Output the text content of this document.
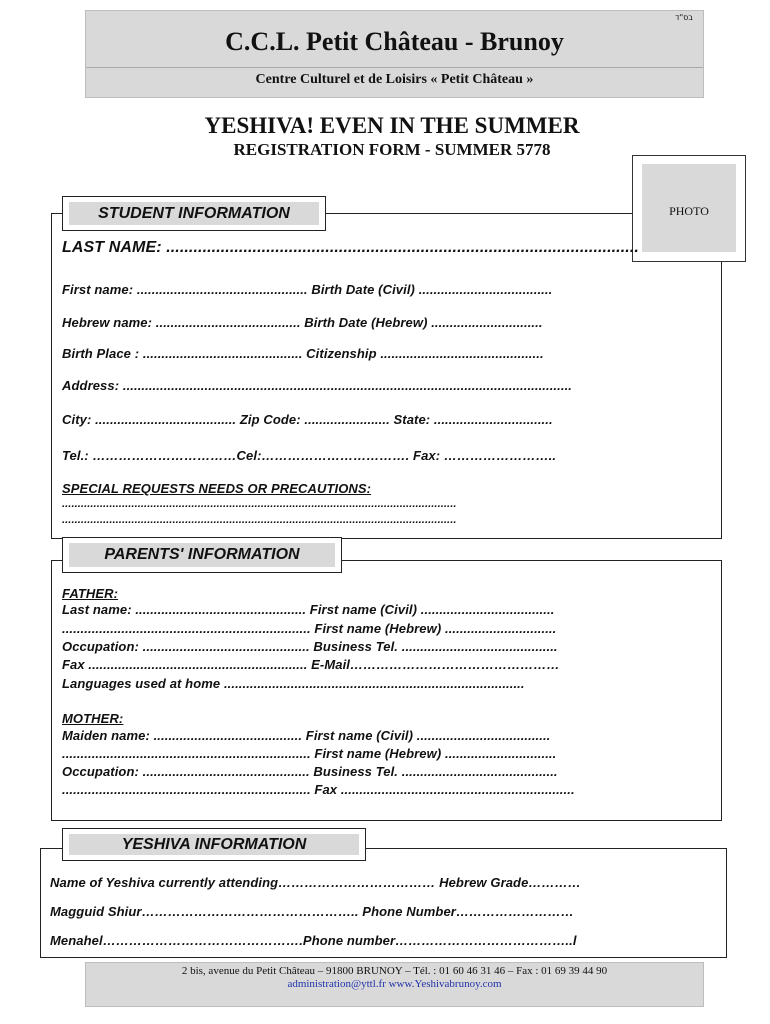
בס"ד
C.C.L. Petit Château - Brunoy
Centre Culturel et de Loisirs « Petit Château »
YESHIVA! EVEN IN THE SUMMER
REGISTRATION FORM - SUMMER 5778
STUDENT INFORMATION	PHOTO
LAST NAME: ........................................................................................................
First name: .............................................. Birth Date (Civil) ....................................
Hebrew name: ....................................... Birth Date (Hebrew) ..............................
Birth Place : ........................................... Citizenship ............................................
Address: .........................................................................................................................
City: ...................................... Zip Code: ....................... State: ................................
Tel.: ……………………………Cel:……………………………. Fax: ……………………..
SPECIAL REQUESTS NEEDS OR PRECAUTIONS:
.............................................................................................................................
.............................................................................................................................
PARENTS' INFORMATION
FATHER:
Last name: .............................................. First name (Civil) ....................................
................................................................... First name (Hebrew) ..............................
Occupation: ............................................. Business Tel. ..........................................
Fax ........................................................... E-Mail…………………………………………
Languages used at home .................................................................................
MOTHER:
Maiden name: ........................................ First name (Civil) ....................................
................................................................... First name (Hebrew) ..............................
Occupation: ............................................. Business Tel. ..........................................
................................................................... Fax ...............................................................
YESHIVA INFORMATION
Name of Yeshiva currently attending……………………………… Hebrew Grade…………
Magguid Shiur………………………………………….. Phone Number………………………
Menahel……………………………………….Phone number…………………………………..l
2 bis, avenue du Petit Château – 91800 BRUNOY – Tél. : 01 60 46 31 46 – Fax : 01 69 39 44 90
administration@yttl.fr www.Yeshivabrunoy.com
